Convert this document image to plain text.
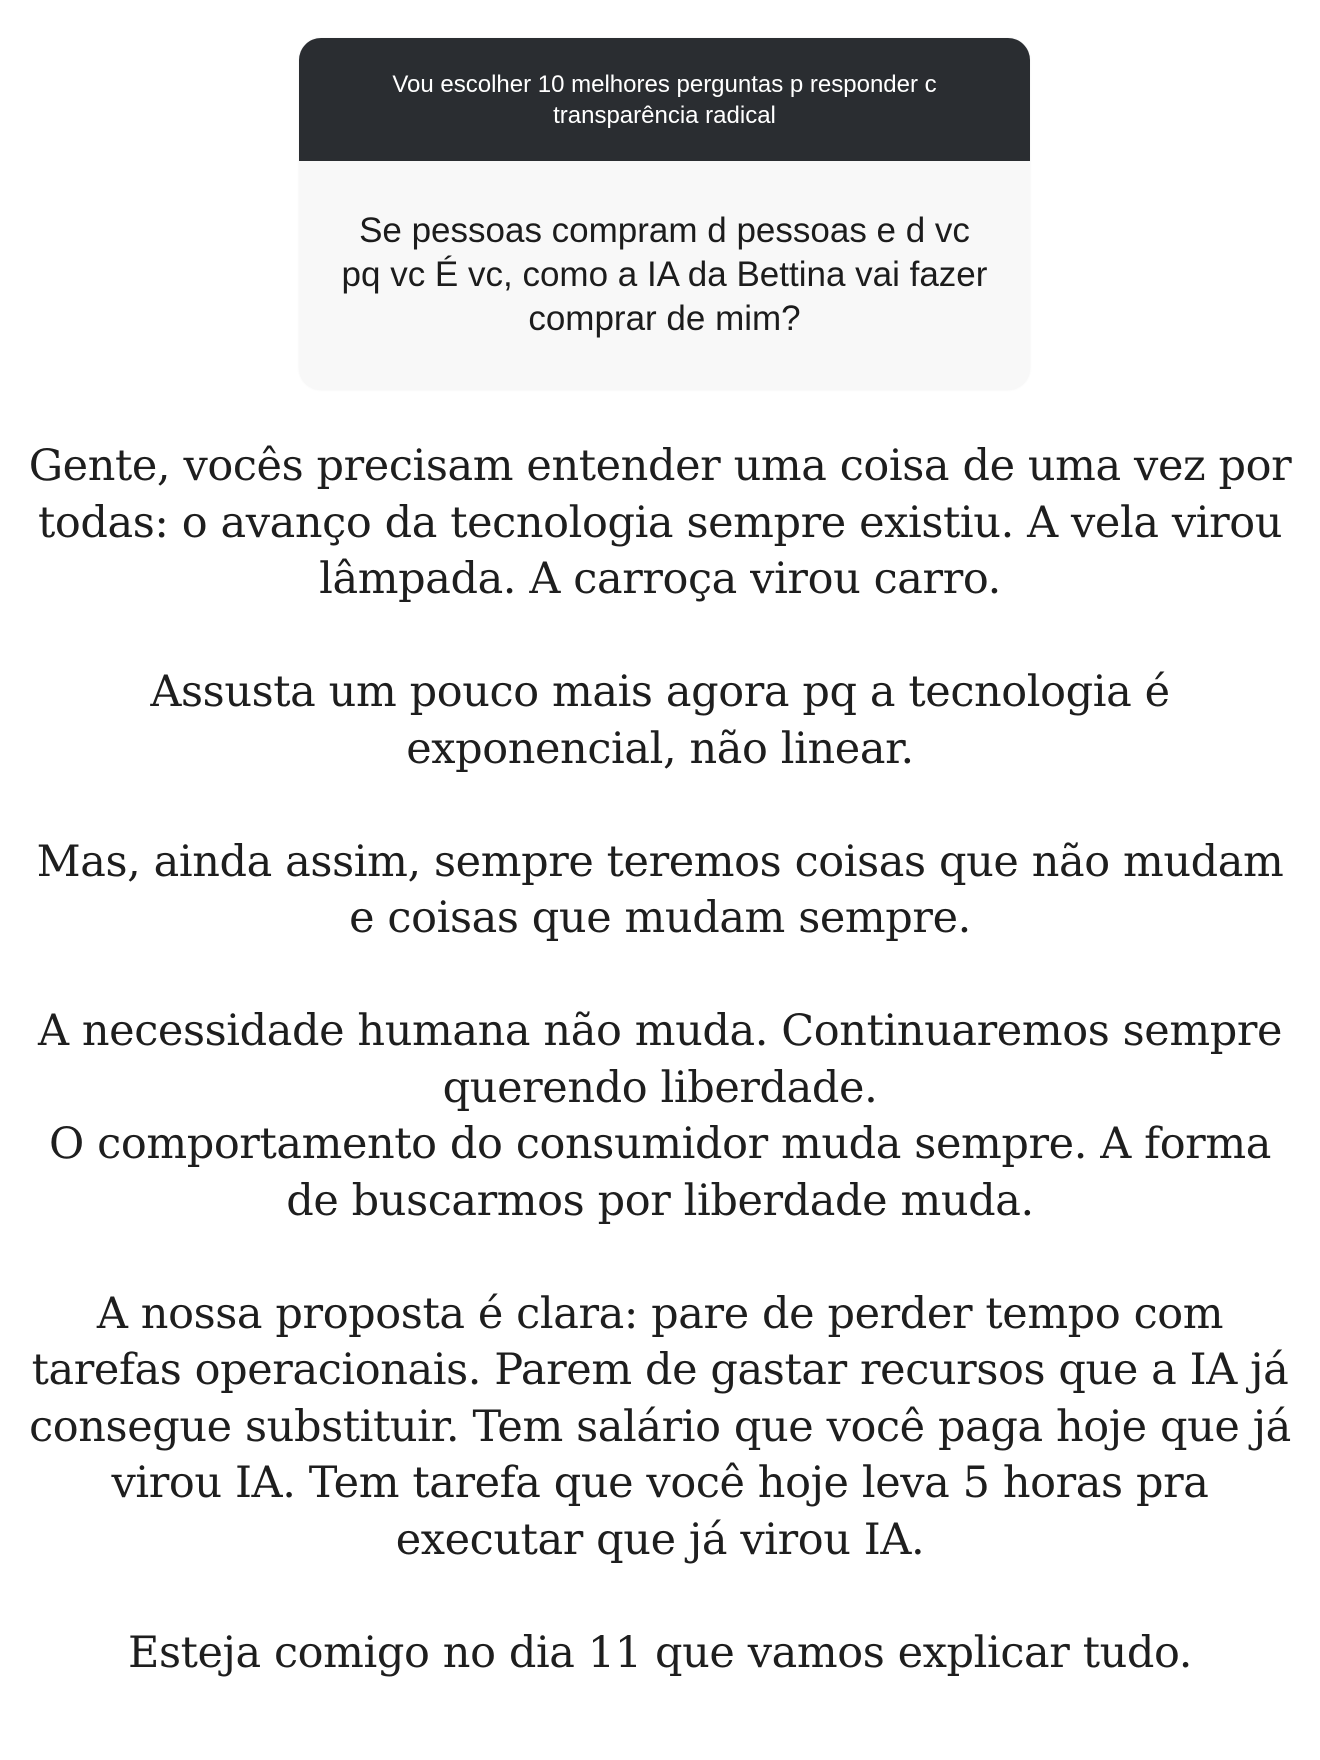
Vou escolher 10 melhores perguntas p responder c transparência radical
Se pessoas compram d pessoas e d vc pq vc É vc, como a IA da Bettina vai fazer comprar de mim?

Gente, vocês precisam entender uma coisa de uma vez por todas: o avanço da tecnologia sempre existiu. A vela virou lâmpada. A carroça virou carro.

Assusta um pouco mais agora pq a tecnologia é exponencial, não linear.

Mas, ainda assim, sempre teremos coisas que não mudam e coisas que mudam sempre.

A necessidade humana não muda. Continuaremos sempre querendo liberdade.

O comportamento do consumidor muda sempre. A forma de buscarmos por liberdade muda.

A nossa proposta é clara: pare de perder tempo com tarefas operacionais. Parem de gastar recursos que a IA já consegue substituir. Tem salário que você paga hoje que já virou IA. Tem tarefa que você hoje leva 5 horas pra executar que já virou IA.

Esteja comigo no dia 11 que vamos explicar tudo.
